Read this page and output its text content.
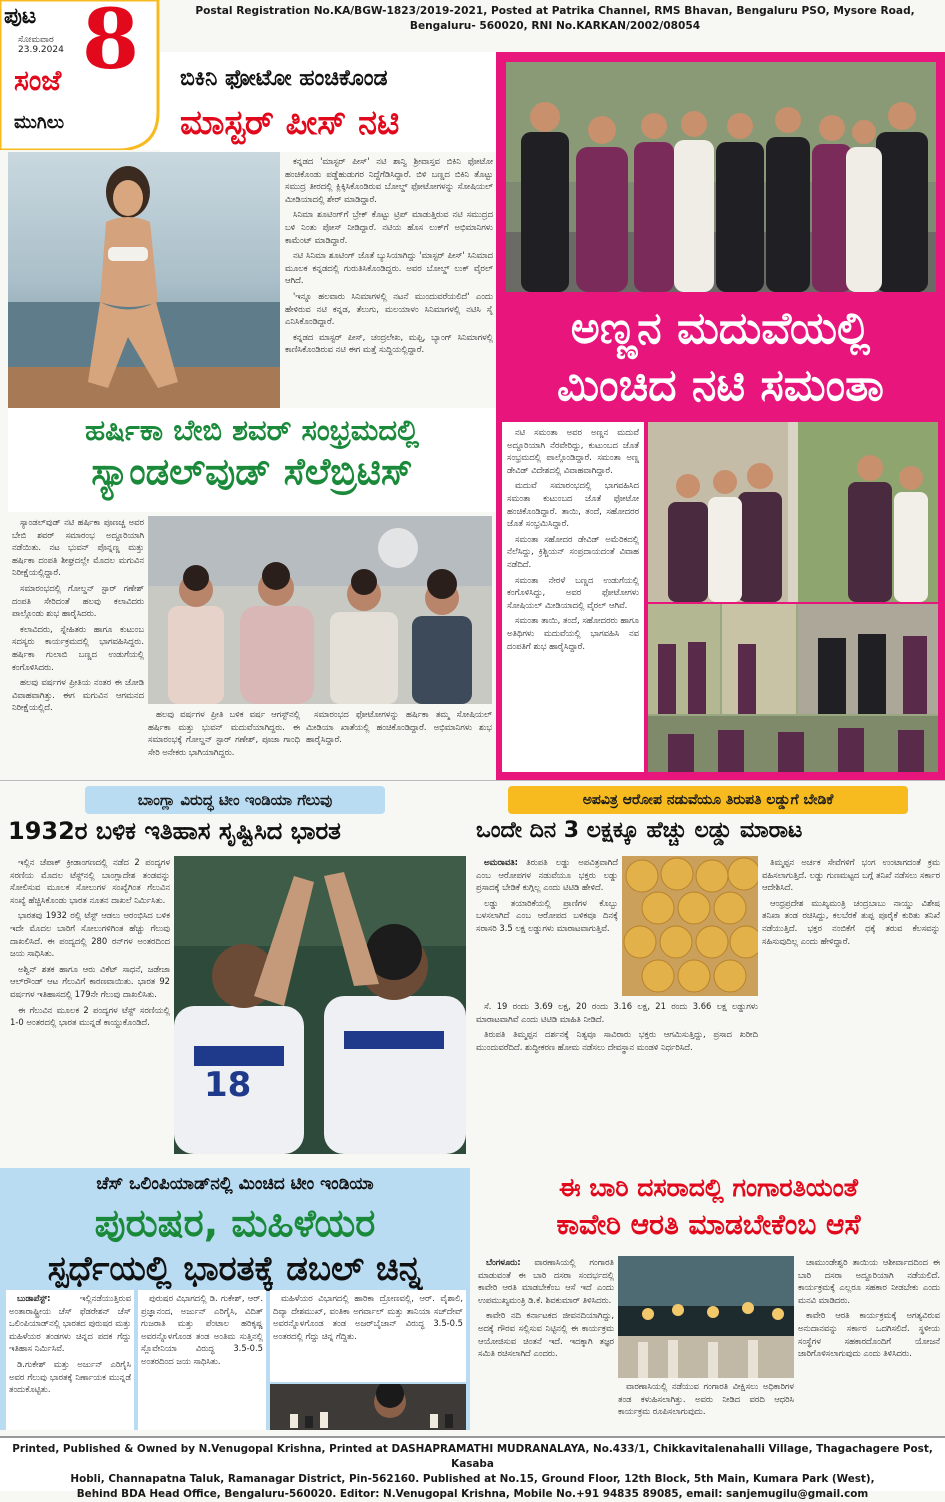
ಪುಟ
ಸೋಮವಾರ
23.9.2024 8
ಸಂಜೆ
ಮುಗಿಲು
Postal Registration No.KA/BGW-1823/2019-2021, Posted at Patrika Channel, RMS Bhavan, Bengaluru PSO, Mysore Road,
Bengaluru- 560020, RNI No.KARKAN/2002/08054
ಬಿಕಿನಿ ಫೋಟೋ ಹಂಚಿಕೊಂಡ
ಮಾಸ್ಟರ್ ಪೀಸ್ ನಟಿ

ಕನ್ನಡದ 'ಮಾಸ್ಟರ್ ಪೀಸ್' ನಟಿ ಶಾನ್ವಿ ಶ್ರೀವಾಸ್ತವ ಬಿಕಿನಿ ಫೋಟೋ ಹಂಚಿಕೊಂಡು ಪಡ್ಡೆಹುಡುಗರ ನಿದ್ದೆಗೆಡಿಸಿದ್ದಾರೆ. ಬಿಳಿ ಬಣ್ಣದ ಬಿಕಿನಿ ತೊಟ್ಟು ಸಮುದ್ರ ತೀರದಲ್ಲಿ ಕ್ಲಿಕ್ಕಿಸಿಕೊಂಡಿರುವ ಬೋಲ್ಡ್ ಫೋಟೋಗಳನ್ನು ಸೋಷಿಯಲ್ ಮೀಡಿಯಾದಲ್ಲಿ ಶೇರ್ ಮಾಡಿದ್ದಾರೆ.

ಸಿನಿಮಾ ಶೂಟಿಂಗ್‌ಗೆ ಬ್ರೇಕ್ ಕೊಟ್ಟು ಟ್ರಿಪ್ ಮಾಡುತ್ತಿರುವ ನಟಿ ಸಮುದ್ರದ ಬಳಿ ನಿಂತು ಪೋಸ್ ನೀಡಿದ್ದಾರೆ. ನಟಿಯ ಹೊಸ ಲುಕ್‌ಗೆ ಅಭಿಮಾನಿಗಳು ಕಾಮೆಂಟ್ ಮಾಡಿದ್ದಾರೆ.

ನಟಿ ಸಿನಿಮಾ ಶೂಟಿಂಗ್ ಜೊತೆ ಬ್ಯುಸಿಯಾಗಿದ್ದು 'ಮಾಸ್ಟರ್ ಪೀಸ್' ಸಿನಿಮಾದ ಮೂಲಕ ಕನ್ನಡದಲ್ಲಿ ಗುರುತಿಸಿಕೊಂಡಿದ್ದರು. ಅವರ ಬೋಲ್ಡ್ ಲುಕ್ ವೈರಲ್ ಆಗಿದೆ.

'ಇನ್ನೂ ಹಲವಾರು ಸಿನಿಮಾಗಳಲ್ಲಿ ನಟನೆ ಮುಂದುವರೆಯಲಿದೆ' ಎಂದು ಹೇಳಿರುವ ನಟಿ ಕನ್ನಡ, ತೆಲುಗು, ಮಲಯಾಳಂ ಸಿನಿಮಾಗಳಲ್ಲಿ ನಟಿಸಿ ಸೈ ಎನಿಸಿಕೊಂಡಿದ್ದಾರೆ.

ಕನ್ನಡದ ಮಾಸ್ಟರ್ ಪೀಸ್, ಚಂದ್ರಲೇಖ, ಮಫ್ತಿ, ಬ್ಯಾಂಗ್ ಸಿನಿಮಾಗಳಲ್ಲಿ ಕಾಣಿಸಿಕೊಂಡಿರುವ ನಟಿ ಈಗ ಮತ್ತೆ ಸುದ್ದಿಯಲ್ಲಿದ್ದಾರೆ.	ಅಣ್ಣನ ಮದುವೆಯಲ್ಲಿ
ಮಿಂಚಿದ ನಟಿ ಸಮಂತಾ

ನಟಿ ಸಮಂತಾ ಅವರ ಅಣ್ಣನ ಮದುವೆ ಅದ್ದೂರಿಯಾಗಿ ನೆರವೇರಿದ್ದು, ಕುಟುಂಬದ ಜೊತೆ ಸಂಭ್ರಮದಲ್ಲಿ ಪಾಲ್ಗೊಂಡಿದ್ದಾರೆ. ಸಮಂತಾ ಅಣ್ಣ ಡೇವಿಡ್ ವಿದೇಶದಲ್ಲಿ ವಿವಾಹವಾಗಿದ್ದಾರೆ.

ಮದುವೆ ಸಮಾರಂಭದಲ್ಲಿ ಭಾಗವಹಿಸಿದ ಸಮಂತಾ ಕುಟುಂಬದ ಜೊತೆ ಫೋಟೋ ಹಂಚಿಕೊಂಡಿದ್ದಾರೆ. ತಾಯಿ, ತಂದೆ, ಸಹೋದರರ ಜೊತೆ ಸಂಭ್ರಮಿಸಿದ್ದಾರೆ.

ಸಮಂತಾ ಸಹೋದರ ಡೇವಿಡ್ ಅಮೆರಿಕದಲ್ಲಿ ನೆಲೆಸಿದ್ದು, ಕ್ರಿಶ್ಚಿಯನ್ ಸಂಪ್ರದಾಯದಂತೆ ವಿವಾಹ ನಡೆದಿದೆ.

ಸಮಂತಾ ನೇರಳೆ ಬಣ್ಣದ ಉಡುಗೆಯಲ್ಲಿ ಕಂಗೊಳಿಸಿದ್ದು, ಅವರ ಫೋಟೋಗಳು ಸೋಷಿಯಲ್ ಮೀಡಿಯಾದಲ್ಲಿ ವೈರಲ್ ಆಗಿವೆ.

ಸಮಂತಾ ತಾಯಿ, ತಂದೆ, ಸಹೋದರರು ಹಾಗೂ ಅತಿಥಿಗಳು ಮದುವೆಯಲ್ಲಿ ಭಾಗವಹಿಸಿ ನವ ದಂಪತಿಗೆ ಶುಭ ಹಾರೈಸಿದ್ದಾರೆ.

ಹರ್ಷಿಕಾ ಬೇಬಿ ಶವರ್ ಸಂಭ್ರಮದಲ್ಲಿ
ಸ್ಯಾಂಡಲ್‌ವುಡ್ ಸೆಲೆಬ್ರಿಟಿಸ್

ಸ್ಯಾಂಡಲ್‌ವುಡ್ ನಟಿ ಹರ್ಷಿಕಾ ಪೂಣಚ್ಚ ಅವರ ಬೇಬಿ ಶವರ್ ಸಮಾರಂಭ ಅದ್ದೂರಿಯಾಗಿ ನಡೆಯಿತು. ನಟ ಭುವನ್ ಪೊನ್ನಣ್ಣ ಮತ್ತು ಹರ್ಷಿಕಾ ದಂಪತಿ ಶೀಘ್ರದಲ್ಲೇ ಮೊದಲ ಮಗುವಿನ ನಿರೀಕ್ಷೆಯಲ್ಲಿದ್ದಾರೆ.

ಸಮಾರಂಭದಲ್ಲಿ ಗೋಲ್ಡನ್ ಸ್ಟಾರ್ ಗಣೇಶ್ ದಂಪತಿ ಸೇರಿದಂತೆ ಹಲವು ಕಲಾವಿದರು ಪಾಲ್ಗೊಂಡು ಶುಭ ಹಾರೈಸಿದರು.

ಕಲಾವಿದರು, ಸ್ನೇಹಿತರು ಹಾಗೂ ಕುಟುಂಬ ಸದಸ್ಯರು ಕಾರ್ಯಕ್ರಮದಲ್ಲಿ ಭಾಗವಹಿಸಿದ್ದರು. ಹರ್ಷಿಕಾ ಗುಲಾಬಿ ಬಣ್ಣದ ಉಡುಗೆಯಲ್ಲಿ ಕಂಗೊಳಿಸಿದರು.

ಹಲವು ವರ್ಷಗಳ ಪ್ರೀತಿಯ ನಂತರ ಈ ಜೋಡಿ ವಿವಾಹವಾಗಿತ್ತು. ಈಗ ಮಗುವಿನ ಆಗಮನದ ನಿರೀಕ್ಷೆಯಲ್ಲಿದೆ.

ಹಲವು ವರ್ಷಗಳ ಪ್ರೀತಿ ಬಳಿಕ ವರ್ಷ ಆಗಸ್ಟ್‌ನಲ್ಲಿ ಹರ್ಷಿಕಾ ಮತ್ತು ಭುವನ್ ಮದುವೆಯಾಗಿದ್ದರು. ಈ ಸಮಾರಂಭಕ್ಕೆ ಗೋಲ್ಡನ್ ಸ್ಟಾರ್ ಗಣೇಶ್, ಪೂಜಾ ಗಾಂಧಿ ಸೇರಿ ಅನೇಕರು ಭಾಗಿಯಾಗಿದ್ದರು.

ಸಮಾರಂಭದ ಫೋಟೋಗಳನ್ನು ಹರ್ಷಿಕಾ ತಮ್ಮ ಸೋಷಿಯಲ್ ಮೀಡಿಯಾ ಖಾತೆಯಲ್ಲಿ ಹಂಚಿಕೊಂಡಿದ್ದಾರೆ. ಅಭಿಮಾನಿಗಳು ಶುಭ ಹಾರೈಸಿದ್ದಾರೆ.

ಬಾಂಗ್ಲಾ ವಿರುದ್ಧ ಟೀಂ ಇಂಡಿಯಾ ಗೆಲುವು
1932ರ ಬಳಿಕ ಇತಿಹಾಸ ಸೃಷ್ಟಿಸಿದ ಭಾರತ

ಇಲ್ಲಿನ ಚೆಪಾಕ್ ಕ್ರೀಡಾಂಗಣದಲ್ಲಿ ನಡೆದ 2 ಪಂದ್ಯಗಳ ಸರಣಿಯ ಮೊದಲ ಟೆಸ್ಟ್‌ನಲ್ಲಿ ಬಾಂಗ್ಲಾದೇಶ ತಂಡವನ್ನು ಸೋಲಿಸುವ ಮೂಲಕ ಸೋಲುಗಳ ಸಂಖ್ಯೆಗಿಂತ ಗೆಲುವಿನ ಸಂಖ್ಯೆ ಹೆಚ್ಚಿಸಿಕೊಂಡು ಭಾರತ ನೂತನ ದಾಖಲೆ ನಿರ್ಮಿಸಿತು.

ಭಾರತವು 1932 ರಲ್ಲಿ ಟೆಸ್ಟ್ ಆಡಲು ಆರಂಭಿಸಿದ ಬಳಿಕ ಇದೇ ಮೊದಲ ಬಾರಿಗೆ ಸೋಲುಗಳಿಗಿಂತ ಹೆಚ್ಚು ಗೆಲುವು ದಾಖಲಿಸಿದೆ. ಈ ಪಂದ್ಯದಲ್ಲಿ 280 ರನ್‌ಗಳ ಅಂತರದಿಂದ ಜಯ ಸಾಧಿಸಿತು.

ಅಶ್ವಿನ್ ಶತಕ ಹಾಗೂ ಆರು ವಿಕೆಟ್ ಸಾಧನೆ, ಜಡೇಜಾ ಆಲ್‌ರೌಂಡ್ ಆಟ ಗೆಲುವಿಗೆ ಕಾರಣವಾಯಿತು. ಭಾರತ 92 ವರ್ಷಗಳ ಇತಿಹಾಸದಲ್ಲಿ 179ನೇ ಗೆಲುವು ದಾಖಲಿಸಿತು.

ಈ ಗೆಲುವಿನ ಮೂಲಕ 2 ಪಂದ್ಯಗಳ ಟೆಸ್ಟ್ ಸರಣಿಯಲ್ಲಿ 1-0 ಅಂತರದಲ್ಲಿ ಭಾರತ ಮುನ್ನಡೆ ಕಾಯ್ದುಕೊಂಡಿದೆ.

18
ಅಪವಿತ್ರ ಆರೋಪ ನಡುವೆಯೂ ತಿರುಪತಿ ಲಡ್ಡುಗೆ ಬೇಡಿಕೆ
ಒಂದೇ ದಿನ 3 ಲಕ್ಷಕ್ಕೂ ಹೆಚ್ಚು ಲಡ್ಡು ಮಾರಾಟ

ಅಮರಾವತಿ: ತಿರುಪತಿ ಲಡ್ಡು ಅಪವಿತ್ರವಾಗಿದೆ ಎಂಬ ಆರೋಪಗಳ ನಡುವೆಯೂ ಭಕ್ತರು ಲಡ್ಡು ಪ್ರಸಾದಕ್ಕೆ ಬೇಡಿಕೆ ಕುಗ್ಗಿಲ್ಲ ಎಂದು ಟಿಟಿಡಿ ಹೇಳಿದೆ.

ಲಡ್ಡು ತಯಾರಿಕೆಯಲ್ಲಿ ಪ್ರಾಣಿಗಳ ಕೊಬ್ಬು ಬಳಸಲಾಗಿದೆ ಎಂಬ ಆರೋಪದ ಬಳಿಕವೂ ದಿನಕ್ಕೆ ಸರಾಸರಿ 3.5 ಲಕ್ಷ ಲಡ್ಡುಗಳು ಮಾರಾಟವಾಗುತ್ತಿವೆ.

ತಿಮ್ಮಪ್ಪನ ಅರ್ಚಕ ಸೇವೆಗಳಿಗೆ ಭಂಗ ಉಂಟಾಗದಂತೆ ಕ್ರಮ ವಹಿಸಲಾಗುತ್ತಿದೆ. ಲಡ್ಡು ಗುಣಮಟ್ಟದ ಬಗ್ಗೆ ತನಿಖೆ ನಡೆಸಲು ಸರ್ಕಾರ ಆದೇಶಿಸಿದೆ.

ಆಂಧ್ರಪ್ರದೇಶ ಮುಖ್ಯಮಂತ್ರಿ ಚಂದ್ರಬಾಬು ನಾಯ್ಡು ವಿಶೇಷ ತನಿಖಾ ತಂಡ ರಚಿಸಿದ್ದು, ಕಲಬೆರಕೆ ತುಪ್ಪ ಪೂರೈಕೆ ಕುರಿತು ತನಿಖೆ ನಡೆಯುತ್ತಿದೆ. ಭಕ್ತರ ನಂಬಿಕೆಗೆ ಧಕ್ಕೆ ತರುವ ಕೆಲಸವನ್ನು ಸಹಿಸುವುದಿಲ್ಲ ಎಂದು ಹೇಳಿದ್ದಾರೆ.

ಸೆ. 19 ರಂದು 3.69 ಲಕ್ಷ, 20 ರಂದು 3.16 ಲಕ್ಷ, 21 ರಂದು 3.66 ಲಕ್ಷ ಲಡ್ಡುಗಳು ಮಾರಾಟವಾಗಿವೆ ಎಂದು ಟಿಟಿಡಿ ಮಾಹಿತಿ ನೀಡಿದೆ.

ತಿರುಪತಿ ತಿಮ್ಮಪ್ಪನ ದರ್ಶನಕ್ಕೆ ನಿತ್ಯವೂ ಸಾವಿರಾರು ಭಕ್ತರು ಆಗಮಿಸುತ್ತಿದ್ದು, ಪ್ರಸಾದ ಖರೀದಿ ಮುಂದುವರೆದಿದೆ. ಶುದ್ಧೀಕರಣ ಹೋಮ ನಡೆಸಲು ದೇವಸ್ಥಾನ ಮಂಡಳಿ ನಿರ್ಧರಿಸಿದೆ.

ಚೆಸ್ ಒಲಿಂಪಿಯಾಡ್‌ನಲ್ಲಿ ಮಿಂಚಿದ ಟೀಂ ಇಂಡಿಯಾ
ಪುರುಷರ, ಮಹಿಳೆಯರ
ಸ್ಪರ್ಧೆಯಲ್ಲಿ ಭಾರತಕ್ಕೆ ಡಬಲ್ ಚಿನ್ನ

ಬುಡಾಪೆಸ್ಟ್:	ಇಲ್ಲಿನಡೆಯುತ್ತಿರುವ ಅಂತಾರಾಷ್ಟ್ರೀಯ ಚೆಸ್ ಫೆಡರೇಶನ್ ಚೆಸ್ ಒಲಿಂಪಿಯಾಡ್‌ನಲ್ಲಿ ಭಾರತದ ಪುರುಷರ ಮತ್ತು ಮಹಿಳೆಯರ ತಂಡಗಳು ಚಿನ್ನದ ಪದಕ ಗೆದ್ದು ಇತಿಹಾಸ ನಿರ್ಮಿಸಿವೆ.

ಡಿ.ಗುಕೇಶ್ ಮತ್ತು ಅರ್ಜುನ್ ಎರಿಗೈಸಿ ಅವರ ಗೆಲುವು ಭಾರತಕ್ಕೆ ನಿರ್ಣಾಯಕ ಮುನ್ನಡೆ ತಂದುಕೊಟ್ಟಿತು.

ಪುರುಷರ ವಿಭಾಗದಲ್ಲಿ ಡಿ. ಗುಕೇಶ್, ಆರ್. ಪ್ರಜ್ಞಾನಂದ, ಅರ್ಜುನ್ ಎರಿಗೈಸಿ, ವಿದಿತ್ ಗುಜರಾತಿ ಮತ್ತು ಪೆಂಟಾಲ ಹರಿಕೃಷ್ಣ ಅವರನ್ನೊಳಗೊಂಡ ತಂಡ ಅಂತಿಮ ಸುತ್ತಿನಲ್ಲಿ ಸ್ಲೊವೇನಿಯಾ ವಿರುದ್ಧ 3.5-0.5 ಅಂತರದಿಂದ ಜಯ ಸಾಧಿಸಿತು.

ಮಹಿಳೆಯರ ವಿಭಾಗದಲ್ಲಿ ಹಾರಿಕಾ ದ್ರೋಣವಲ್ಲಿ, ಆರ್. ವೈಶಾಲಿ, ದಿವ್ಯಾ ದೇಶಮುಖ್, ವಂತಿಕಾ ಅಗರ್ವಾಲ್ ಮತ್ತು ತಾನಿಯಾ ಸಚ್‌ದೇವ್ ಅವರನ್ನೊಳಗೊಂಡ ತಂಡ ಅಜರ್‌ಬೈಜಾನ್ ವಿರುದ್ಧ 3.5-0.5 ಅಂತರದಲ್ಲಿ ಗೆದ್ದು ಚಿನ್ನ ಗೆದ್ದಿತು.

ಈ ಬಾರಿ ದಸರಾದಲ್ಲಿ ಗಂಗಾರತಿಯಂತೆ
ಕಾವೇರಿ ಆರತಿ ಮಾಡಬೇಕೆಂಬ ಆಸೆ

ಬೆಂಗಳೂರು: ವಾರಣಾಸಿಯಲ್ಲಿ ಗಂಗಾರತಿ ಮಾಡುವಂತೆ ಈ ಬಾರಿ ದಸರಾ ಸಂದರ್ಭದಲ್ಲಿ ಕಾವೇರಿ ಆರತಿ ಮಾಡಬೇಕೆಂಬ ಆಸೆ ಇದೆ ಎಂದು ಉಪಮುಖ್ಯಮಂತ್ರಿ ಡಿ.ಕೆ. ಶಿವಕುಮಾರ್ ತಿಳಿಸಿದರು.

ಕಾವೇರಿ ನದಿ ಕರ್ನಾಟಕದ ಜೀವನದಿಯಾಗಿದ್ದು, ಅದಕ್ಕೆ ಗೌರವ ಸಲ್ಲಿಸುವ ನಿಟ್ಟಿನಲ್ಲಿ ಈ ಕಾರ್ಯಕ್ರಮ ಆಯೋಜಿಸುವ ಚಿಂತನೆ ಇದೆ. ಇದಕ್ಕಾಗಿ ತಜ್ಞರ ಸಮಿತಿ ರಚಿಸಲಾಗಿದೆ ಎಂದರು.

ವಾರಣಾಸಿಯಲ್ಲಿ ನಡೆಯುವ ಗಂಗಾರತಿ ವೀಕ್ಷಿಸಲು ಅಧಿಕಾರಿಗಳ ತಂಡ ಕಳುಹಿಸಲಾಗಿತ್ತು. ಅವರು ನೀಡಿದ ವರದಿ ಆಧರಿಸಿ ಕಾರ್ಯಕ್ರಮ ರೂಪಿಸಲಾಗುವುದು.

ಚಾಮುಂಡೇಶ್ವರಿ ತಾಯಿಯ ಆಶೀರ್ವಾದದಿಂದ ಈ ಬಾರಿ ದಸರಾ ಅದ್ದೂರಿಯಾಗಿ ನಡೆಯಲಿದೆ. ಕಾರ್ಯಕ್ರಮಕ್ಕೆ ಎಲ್ಲರೂ ಸಹಕಾರ ನೀಡಬೇಕು ಎಂದು ಮನವಿ ಮಾಡಿದರು.

ಕಾವೇರಿ ಆರತಿ ಕಾರ್ಯಕ್ರಮಕ್ಕೆ ಅಗತ್ಯವಿರುವ ಅನುದಾನವನ್ನು ಸರ್ಕಾರ ಒದಗಿಸಲಿದೆ. ಸ್ಥಳೀಯ ಸಂಸ್ಥೆಗಳ ಸಹಕಾರದೊಂದಿಗೆ ಯೋಜನೆ ಜಾರಿಗೊಳಿಸಲಾಗುವುದು ಎಂದು ತಿಳಿಸಿದರು.

Printed, Published & Owned by N.Venugopal Krishna, Printed at DASHAPRAMATHI MUDRANALAYA, No.433/1, Chikkavitalenahalli Village, Thagachagere Post, Kasaba
Hobli, Channapatna Taluk, Ramanagar District, Pin-562160. Published at No.15, Ground Floor, 12th Block, 5th Main, Kumara Park (West),
Behind BDA Head Office, Bengaluru-560020. Editor: N.Venugopal Krishna, Mobile No.+91 94835 89085, email: sanjemugilu@gmail.com
